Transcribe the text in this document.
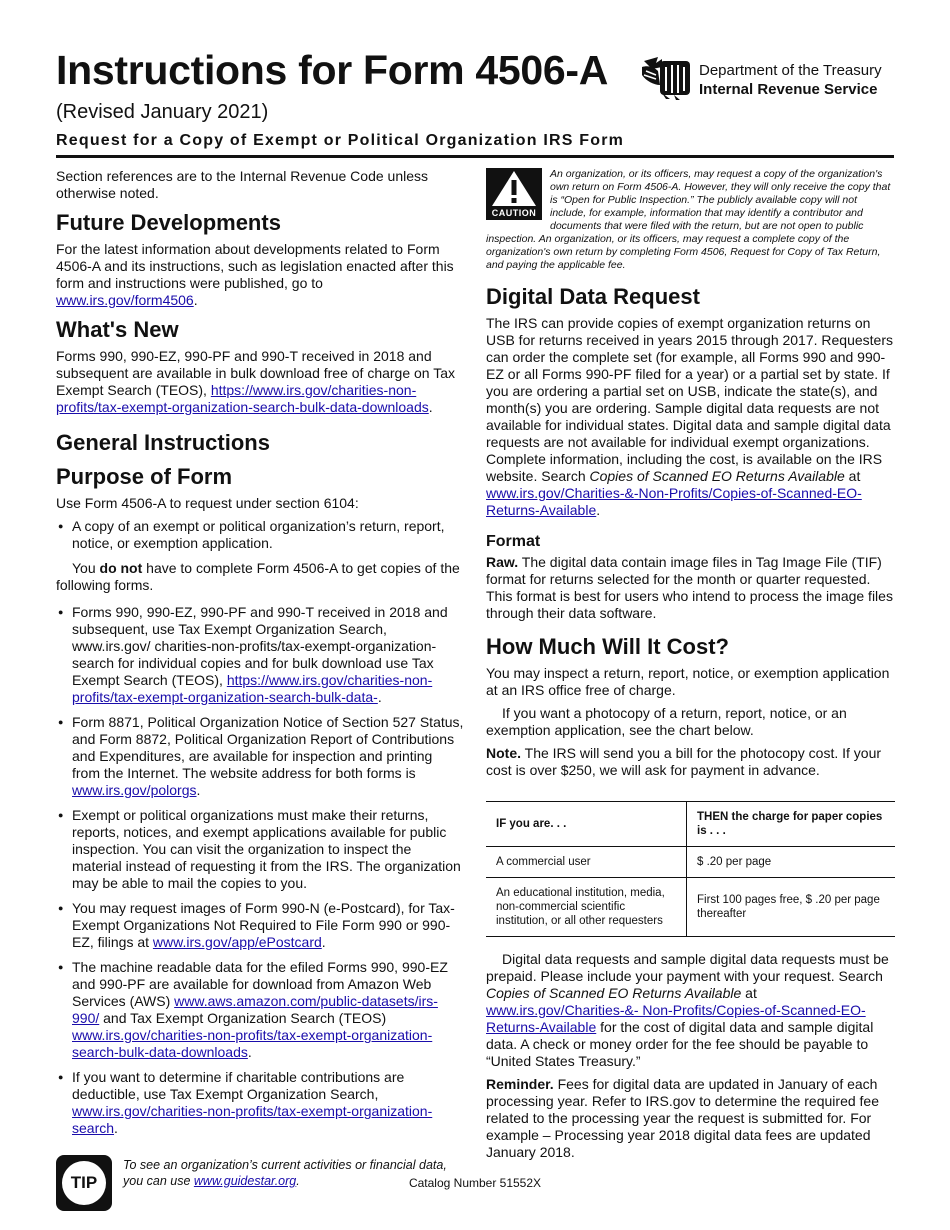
Instructions for Form 4506-A	Department of the Treasury
Internal Revenue Service
(Revised January 2021)
Request for a Copy of Exempt or Political Organization IRS Form

Section references are to the Internal Revenue Code unless otherwise noted.

Future Developments

For the latest information about developments related to Form 4506-A and its instructions, such as legislation enacted after this form and instructions were published, go to www.irs.gov/form4506.

What's New

Forms 990, 990-EZ, 990-PF and 990-T received in 2018 and subsequent are available in bulk download free of charge on Tax Exempt Search (TEOS), https://www.irs.gov/charities-non-profits/tax-exempt-organization-search-bulk-data-downloads.

General Instructions
Purpose of Form

Use Form 4506-A to request under section 6104:

● A copy of an exempt or political organization’s return, report, notice, or exemption application.

You do not have to complete Form 4506-A to get copies of the following forms.

● Forms 990, 990-EZ, 990-PF and 990-T received in 2018 and subsequent, use Tax Exempt Organization Search, www.irs.gov/ charities-non-profits/tax-exempt-organization-search for individual copies and for bulk download use Tax Exempt Search (TEOS), https://www.irs.gov/charities-non-profits/tax-exempt-organization-search-bulk-data-.
● Form 8871, Political Organization Notice of Section 527 Status, and Form 8872, Political Organization Report of Contributions and Expenditures, are available for inspection and printing from the Internet. The website address for both forms is www.irs.gov/polorgs.
● Exempt or political organizations must make their returns, reports, notices, and exempt applications available for public inspection. You can visit the organization to inspect the material instead of requesting it from the IRS. The organization may be able to mail the copies to you.
● You may request images of Form 990-N (e-Postcard), for Tax-Exempt Organizations Not Required to File Form 990 or 990-EZ, filings at www.irs.gov/app/ePostcard.
● The machine readable data for the efiled Forms 990, 990-EZ and 990-PF are available for download from Amazon Web Services (AWS) www.aws.amazon.com/public-datasets/irs-990/ and Tax Exempt Organization Search (TEOS) www.irs.gov/charities-non-profits/tax-exempt-organization-search-bulk-data-downloads.
● If you want to determine if charitable contributions are deductible, use Tax Exempt Organization Search, www.irs.gov/charities-non-profits/tax-exempt-organization-search.
TIP
To see an organization’s current activities or financial data, you can use www.guidestar.org.
CAUTION
An organization, or its officers, may request a copy of the organization's own return on Form 4506-A. However, they will only receive the copy that is “Open for Public Inspection.” The publicly available copy will not include, for example, information that may identify a contributor and documents that were filed with the return, but are not open to public inspection. An organization, or its officers, may request a complete copy of the organization's own return by completing Form 4506, Request for Copy of Tax Return, and paying the applicable fee.
Digital Data Request

The IRS can provide copies of exempt organization returns on USB for returns received in years 2015 through 2017. Requesters can order the complete set (for example, all Forms 990 and 990-EZ or all Forms 990-PF filed for a year) or a partial set by state. If you are ordering a partial set on USB, indicate the state(s), and month(s) you are ordering. Sample digital data requests are not available for individual states. Digital data and sample digital data requests are not available for individual exempt organizations. Complete information, including the cost, is available on the IRS website. Search Copies of Scanned EO Returns Available at www.irs.gov/Charities-&-Non-Profits/Copies-of-Scanned-EO-Returns-Available.

Format

Raw. The digital data contain image files in Tag Image File (TIF) format for returns selected for the month or quarter requested. This format is best for users who intend to process the image files through their data software.

How Much Will It Cost?

You may inspect a return, report, notice, or exemption application at an IRS office free of charge.

If you want a photocopy of a return, report, notice, or an exemption application, see the chart below.

Note. The IRS will send you a bill for the photocopy cost. If your cost is over $250, we will ask for payment in advance.

IF you are. . .	THEN the charge for paper copies is . . .
A commercial user	$ .20 per page
An educational institution, media, non-commercial scientific institution, or all other requesters	First 100 pages free, $ .20 per page thereafter

Digital data requests and sample digital data requests must be prepaid. Please include your payment with your request. Search Copies of Scanned EO Returns Available at www.irs.gov/Charities-&- Non-Profits/Copies-of-Scanned-EO-Returns-Available for the cost of digital data and sample digital data. A check or money order for the fee should be payable to “United States Treasury.”

Reminder. Fees for digital data are updated in January of each processing year. Refer to IRS.gov to determine the required fee related to the processing year the request is submitted for. For example – Processing year 2018 digital data fees are updated January 2018.

Catalog Number 51552X
